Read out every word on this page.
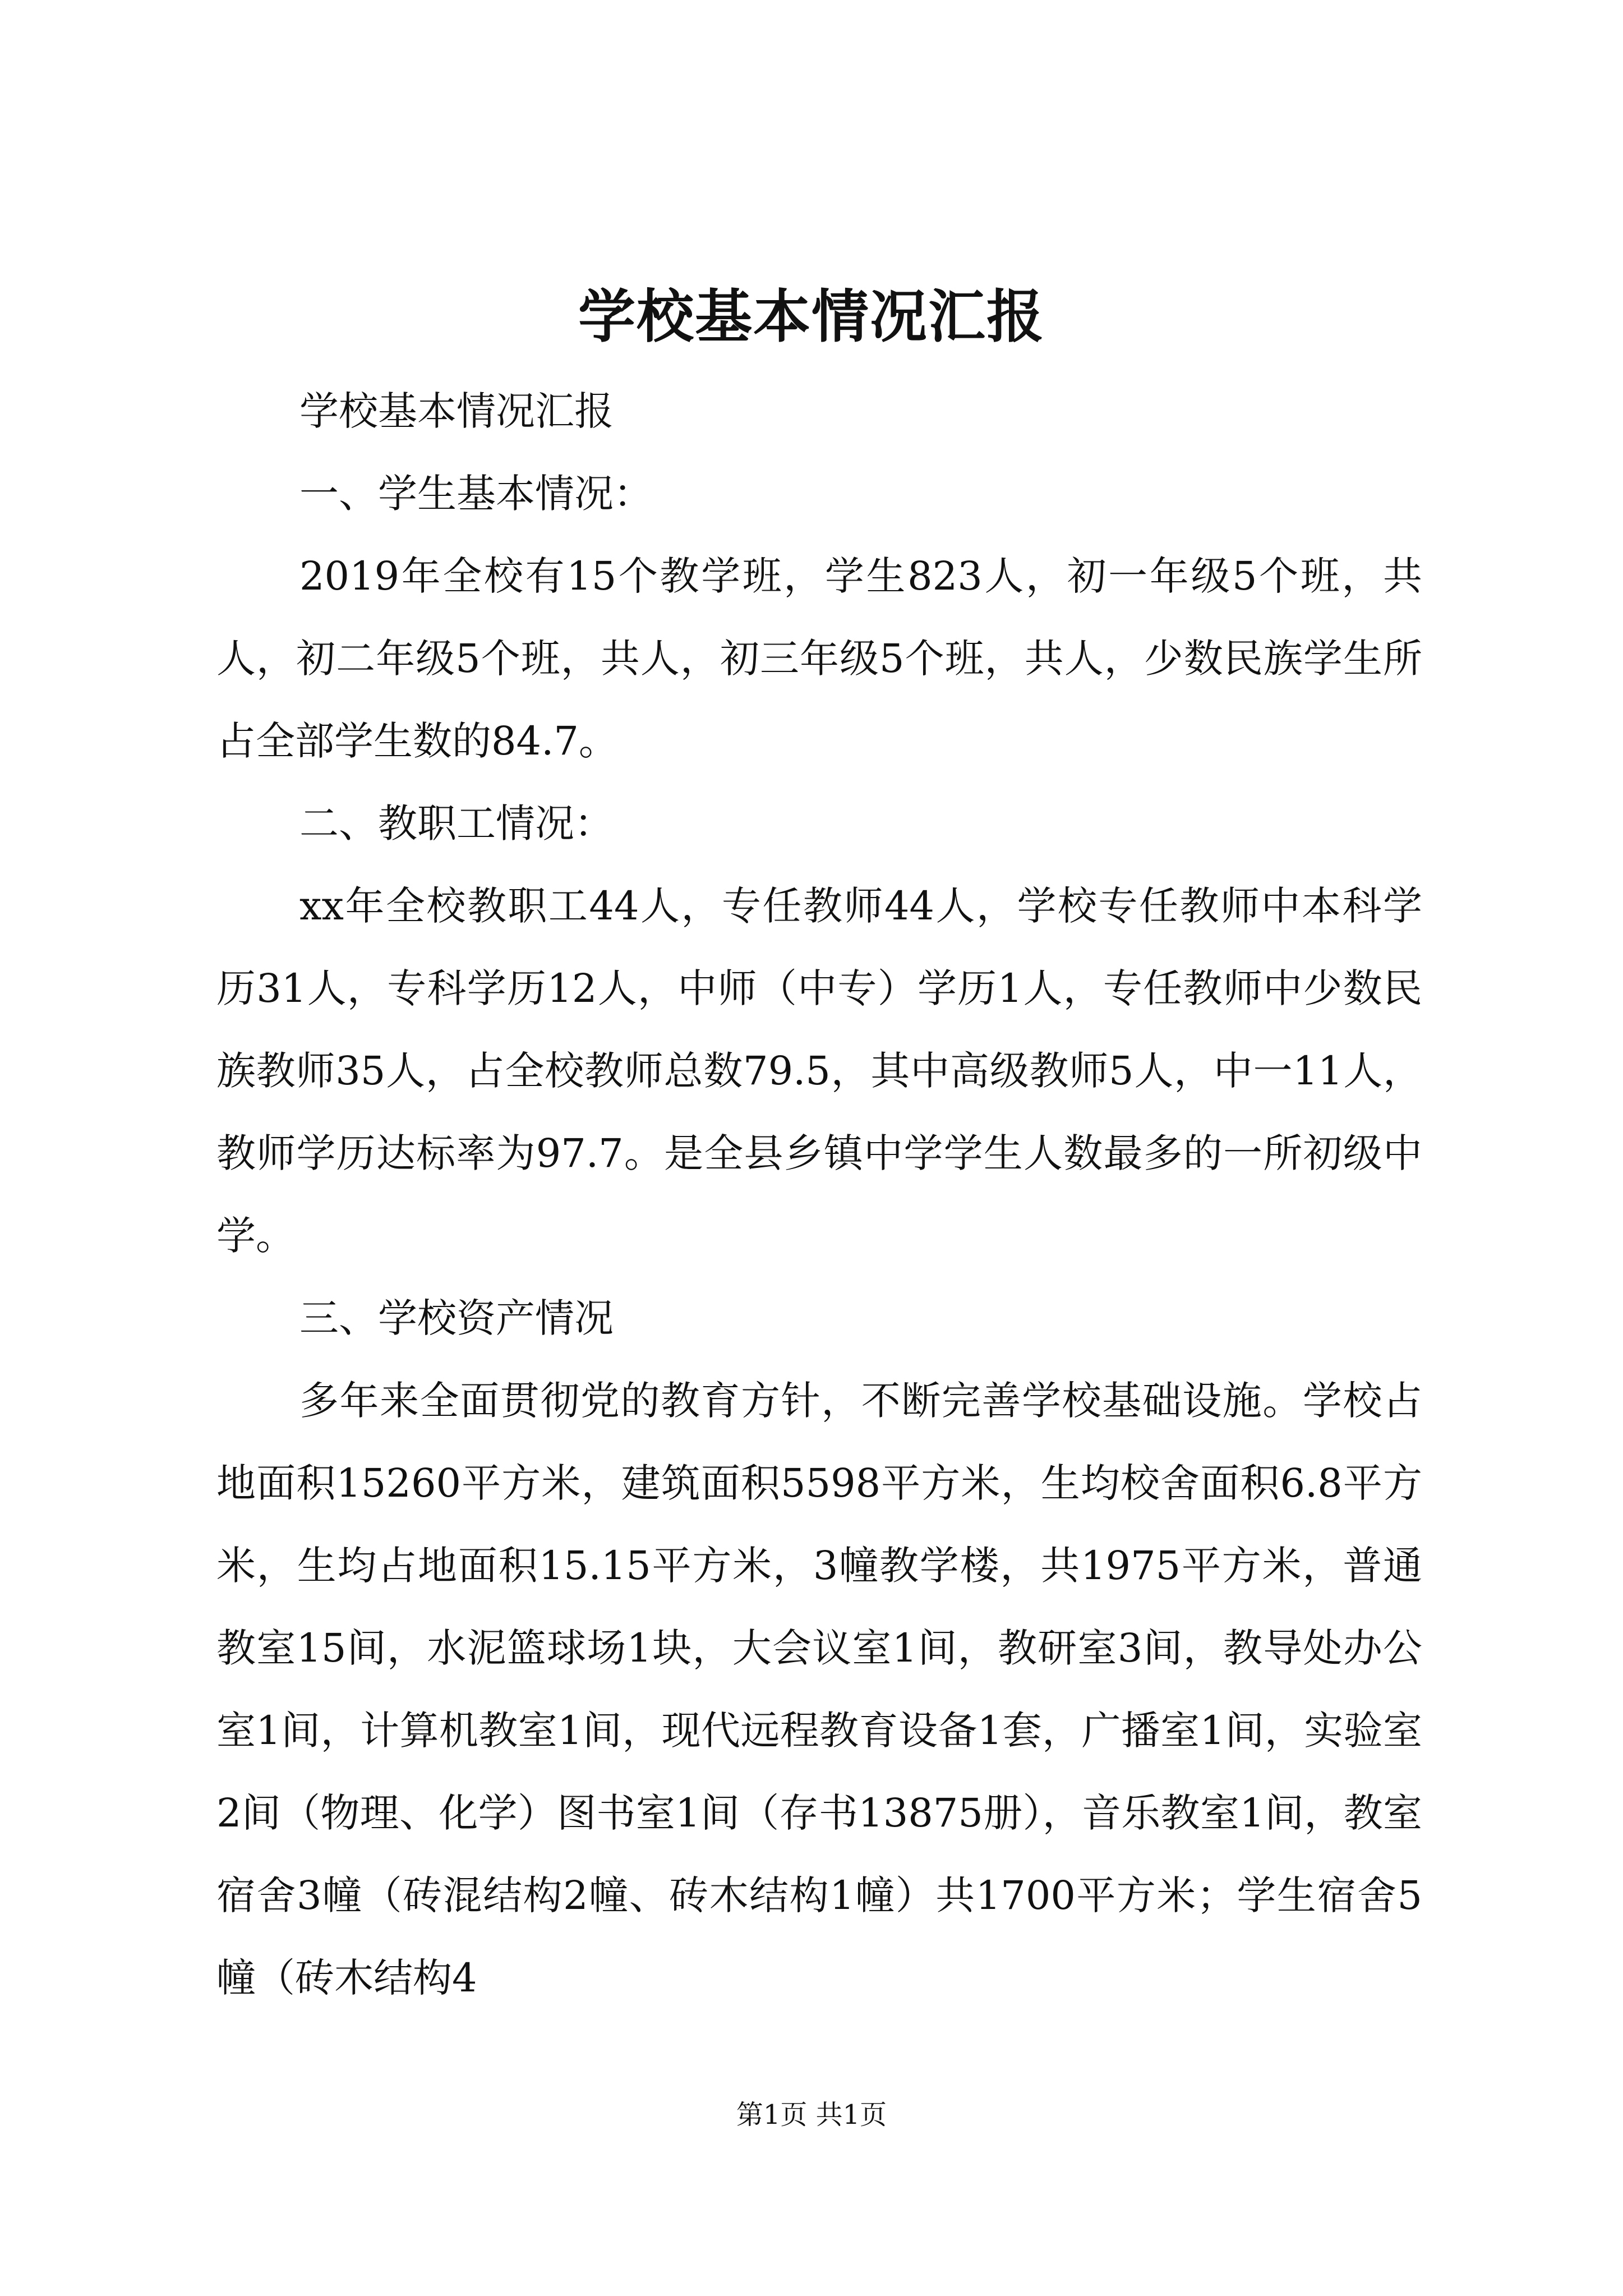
学校基本情况汇报

学校基本情况汇报

一、学生基本情况：

2019年全校有15个教学班，学生823人，初一年级5个班，共人，初二年级5个班，共人，初三年级5个班，共人，少数民族学生所占全部学生数的84.7。

二、教职工情况：

xx年全校教职工44人，专任教师44人，学校专任教师中本科学历31人，专科学历12人，中师（中专）学历1人，专任教师中少数民族教师35人，占全校教师总数79.5，其中高级教师5人，中一11人，教师学历达标率为97.7。是全县乡镇中学学生人数最多的一所初级中学。

三、学校资产情况

多年来全面贯彻党的教育方针，不断完善学校基础设施。学校占地面积15260平方米，建筑面积5598平方米，生均校舍面积6.8平方米，生均占地面积15.15平方米，3幢教学楼，共1975平方米，普通教室15间，水泥篮球场1块，大会议室1间，教研室3间，教导处办公室1间，计算机教室1间，现代远程教育设备1套，广播室1间，实验室2间（物理、化学）图书室1间（存书13875册），音乐教室1间，教室宿舍3幢（砖混结构2幢、砖木结构1幢）共1700平方米；学生宿舍5幢（砖木结构4

第1页 共1页
